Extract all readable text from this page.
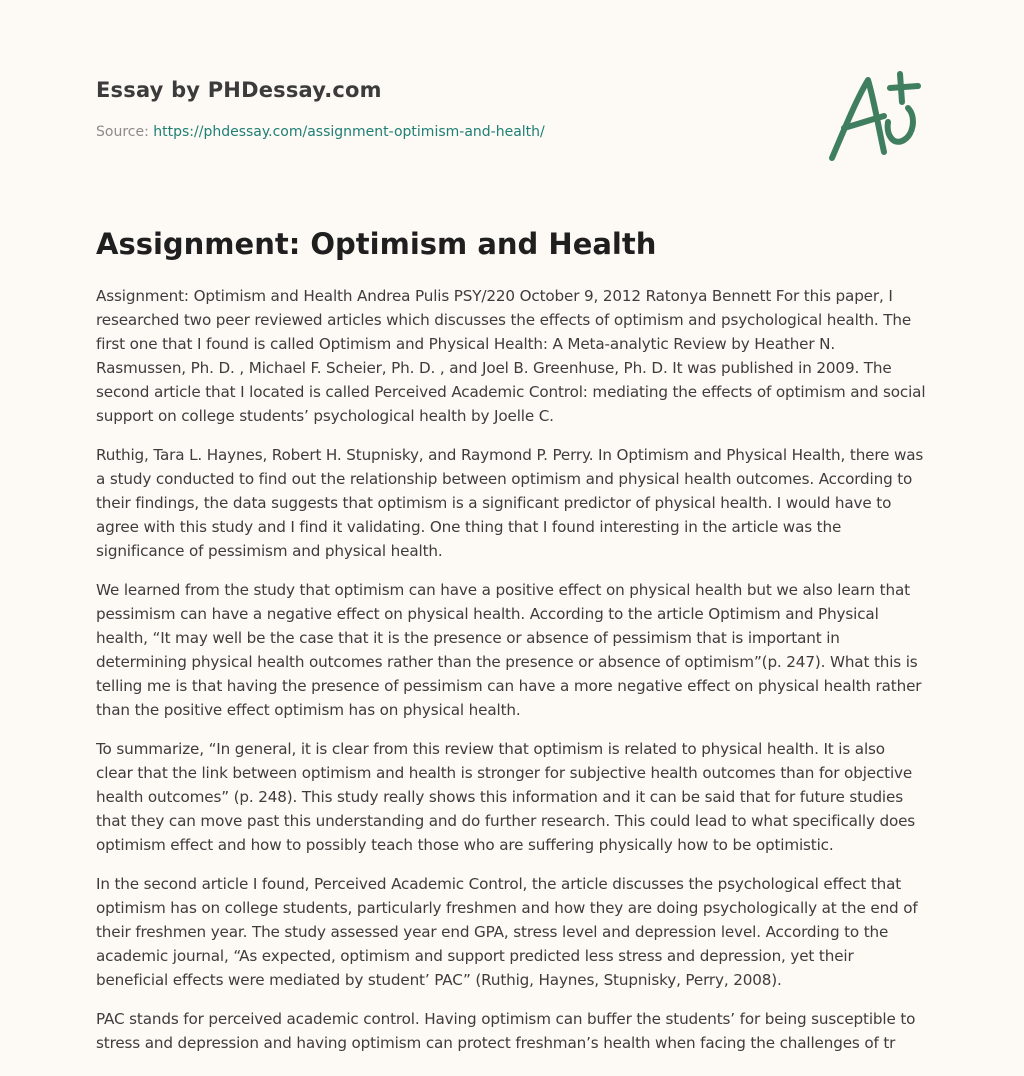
Essay by PHDessay.com
Source: https://phdessay.com/assignment-optimism-and-health/
Assignment: Optimism and Health

Assignment: Optimism and Health Andrea Pulis PSY/220 October 9, 2012 Ratonya Bennett For this paper, I researched two peer reviewed articles which discusses the effects of optimism and psychological health. The first one that I found is called Optimism and Physical Health: A Meta-analytic Review by Heather N. Rasmussen, Ph. D. , Michael F. Scheier, Ph. D. , and Joel B. Greenhuse, Ph. D. It was published in 2009. The second article that I located is called Perceived Academic Control: mediating the effects of optimism and social support on college students’ psychological health by Joelle C.

Ruthig, Tara L. Haynes, Robert H. Stupnisky, and Raymond P. Perry. In Optimism and Physical Health, there was a study conducted to find out the relationship between optimism and physical health outcomes. According to their findings, the data suggests that optimism is a significant predictor of physical health. I would have to agree with this study and I find it validating. One thing that I found interesting in the article was the significance of pessimism and physical health.

We learned from the study that optimism can have a positive effect on physical health but we also learn that pessimism can have a negative effect on physical health. According to the article Optimism and Physical health, “It may well be the case that it is the presence or absence of pessimism that is important in determining physical health outcomes rather than the presence or absence of optimism”(p. 247). What this is telling me is that having the presence of pessimism can have a more negative effect on physical health rather than the positive effect optimism has on physical health.

To summarize, “In general, it is clear from this review that optimism is related to physical health. It is also clear that the link between optimism and health is stronger for subjective health outcomes than for objective health outcomes” (p. 248). This study really shows this information and it can be said that for future studies that they can move past this understanding and do further research. This could lead to what specifically does optimism effect and how to possibly teach those who are suffering physically how to be optimistic.

In the second article I found, Perceived Academic Control, the article discusses the psychological effect that optimism has on college students, particularly freshmen and how they are doing psychologically at the end of their freshmen year. The study assessed year end GPA, stress level and depression level. According to the academic journal, “As expected, optimism and support predicted less stress and depression, yet their beneficial effects were mediated by student’ PAC” (Ruthig, Haynes, Stupnisky, Perry, 2008).

PAC stands for perceived academic control. Having optimism can buffer the students’ for being susceptible to stress and depression and having optimism can protect freshman’s health when facing the challenges of tr
